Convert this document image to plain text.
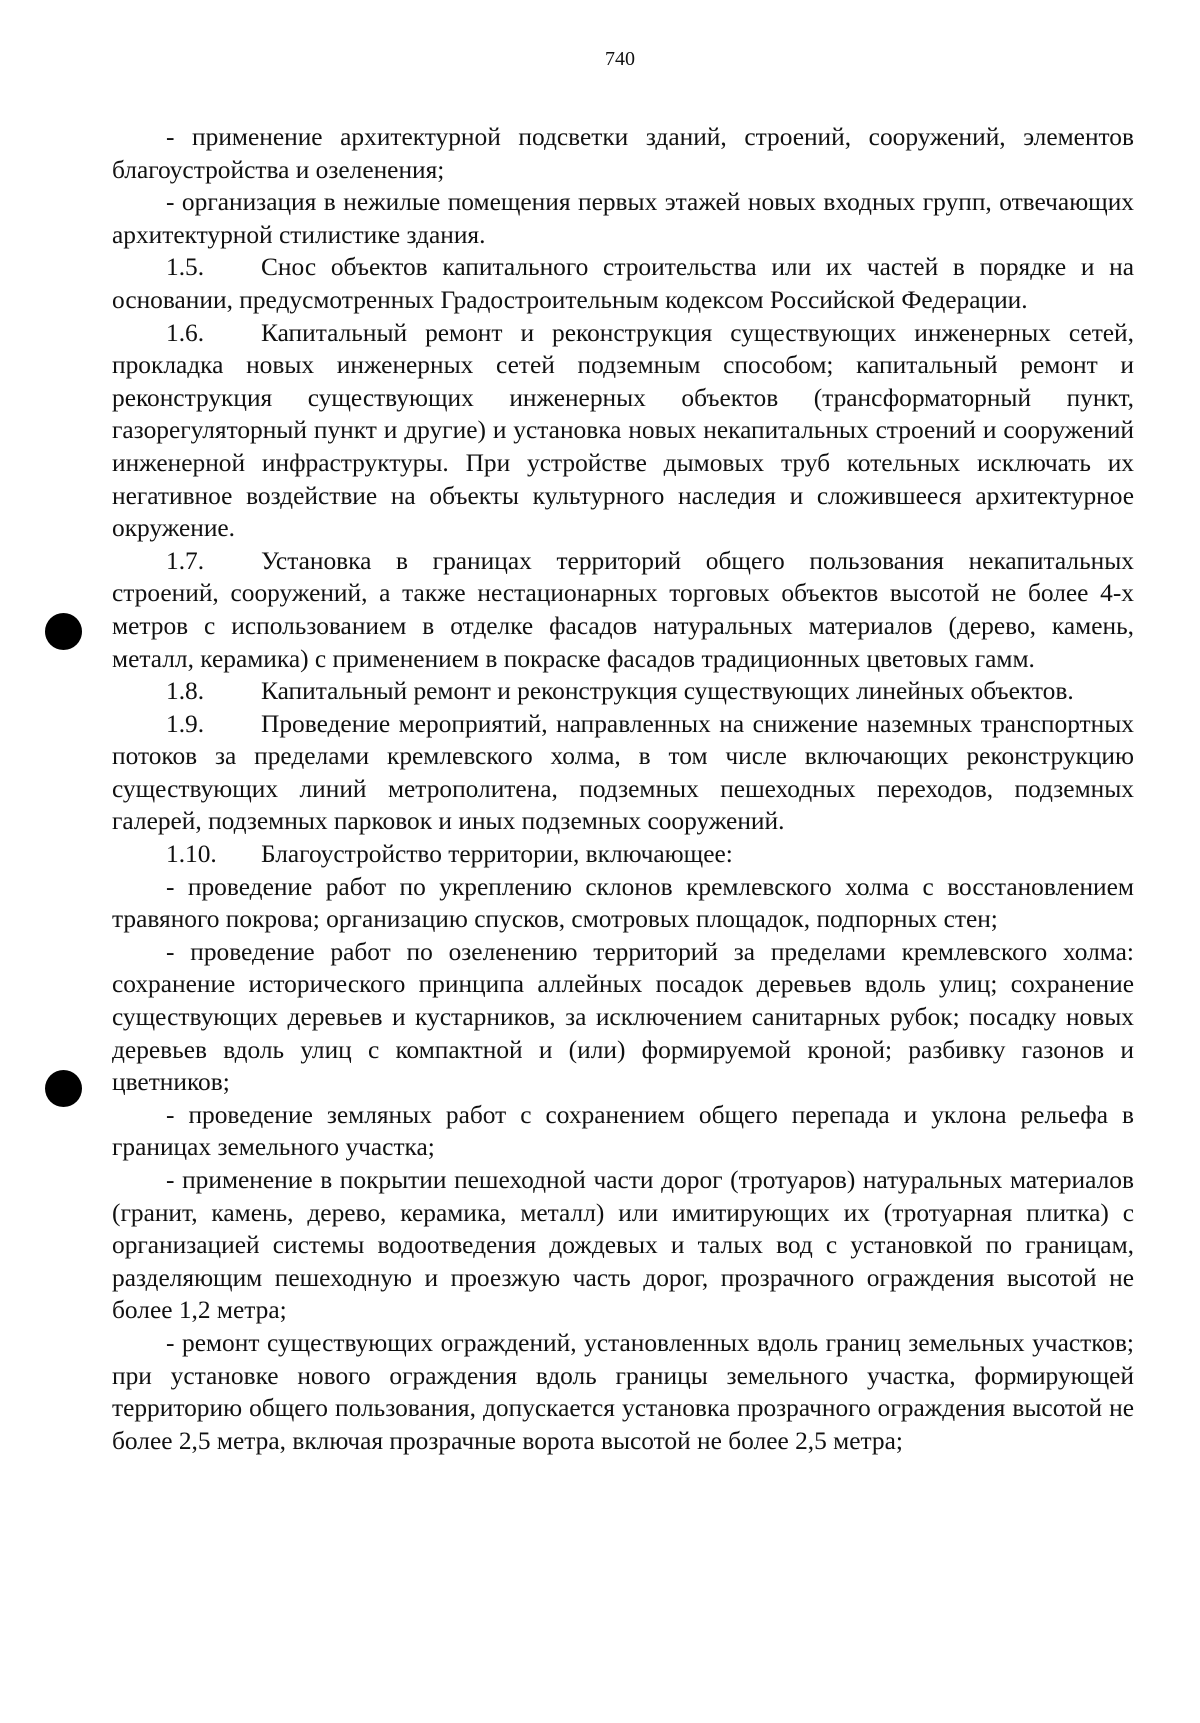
740

- применение архитектурной подсветки зданий, строений, сооружений, элементов благоустройства и озеленения;

- организация в нежилые помещения первых этажей новых входных групп, отвечающих архитектурной стилистике здания.

1.5. Снос объектов капитального строительства или их частей в порядке и на основании, предусмотренных Градостроительным кодексом Российской Федерации.

1.6. Капитальный ремонт и реконструкция существующих инженерных сетей, прокладка новых инженерных сетей подземным способом; капитальный ремонт и реконструкция существующих инженерных объектов (трансформаторный пункт, газорегуляторный пункт и другие) и установка новых некапитальных строений и сооружений инженерной инфраструктуры. При устройстве дымовых труб котельных исключать их негативное воздействие на объекты культурного наследия и сложившееся архитектурное окружение.

1.7. Установка в границах территорий общего пользования некапитальных строений, сооружений, а также нестационарных торговых объектов высотой не более 4-х метров с использованием в отделке фасадов натуральных материалов (дерево, камень, металл, керамика) с применением в покраске фасадов традиционных цветовых гамм.

1.8. Капитальный ремонт и реконструкция существующих линейных объектов.

1.9. Проведение мероприятий, направленных на снижение наземных транспортных потоков за пределами кремлевского холма, в том числе включающих реконструкцию существующих линий метрополитена, подземных пешеходных переходов, подземных галерей, подземных парковок и иных подземных сооружений.

1.10. Благоустройство территории, включающее:

- проведение работ по укреплению склонов кремлевского холма с восстановлением травяного покрова; организацию спусков, смотровых площадок, подпорных стен;

- проведение работ по озеленению территорий за пределами кремлевского холма: сохранение исторического принципа аллейных посадок деревьев вдоль улиц; сохранение существующих деревьев и кустарников, за исключением санитарных рубок; посадку новых деревьев вдоль улиц с компактной и (или) формируемой кроной; разбивку газонов и цветников;

- проведение земляных работ с сохранением общего перепада и уклона рельефа в границах земельного участка;

- применение в покрытии пешеходной части дорог (тротуаров) натуральных материалов (гранит, камень, дерево, керамика, металл) или имитирующих их (тротуарная плитка) с организацией системы водоотведения дождевых и талых вод с установкой по границам, разделяющим пешеходную и проезжую часть дорог, прозрачного ограждения высотой не более 1,2 метра;

- ремонт существующих ограждений, установленных вдоль границ земельных участков; при установке нового ограждения вдоль границы земельного участка, формирующей территорию общего пользования, допускается установка прозрачного ограждения высотой не более 2,5 метра, включая прозрачные ворота высотой не более 2,5 метра;
